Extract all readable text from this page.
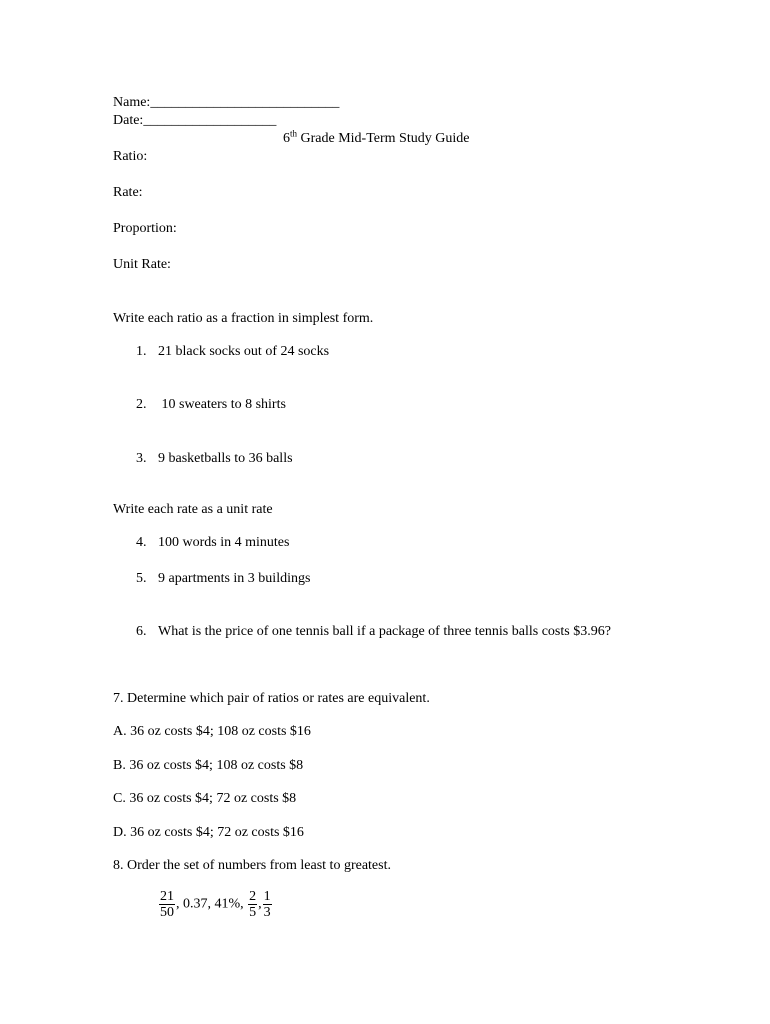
Name:___________________________
Date:___________________
6th Grade Mid-Term Study Guide
Ratio:
Rate:
Proportion:
Unit Rate:
Write each ratio as a fraction in simplest form.
1. 21 black socks out of 24 socks
2. 10 sweaters to 8 shirts
3. 9 basketballs to 36 balls
Write each rate as a unit rate
4. 100 words in 4 minutes
5. 9 apartments in 3 buildings
6. What is the price of one tennis ball if a package of three tennis balls costs $3.96?
7. Determine which pair of ratios or rates are equivalent.
A. 36 oz costs $4; 108 oz costs $16
B. 36 oz costs $4; 108 oz costs $8
C. 36 oz costs $4; 72 oz costs $8
D. 36 oz costs $4; 72 oz costs $16
8. Order the set of numbers from least to greatest.
$\frac{21}{50}$ , 0.37, 41%, $\frac{2}{5}$ , $\frac{1}{3}$
